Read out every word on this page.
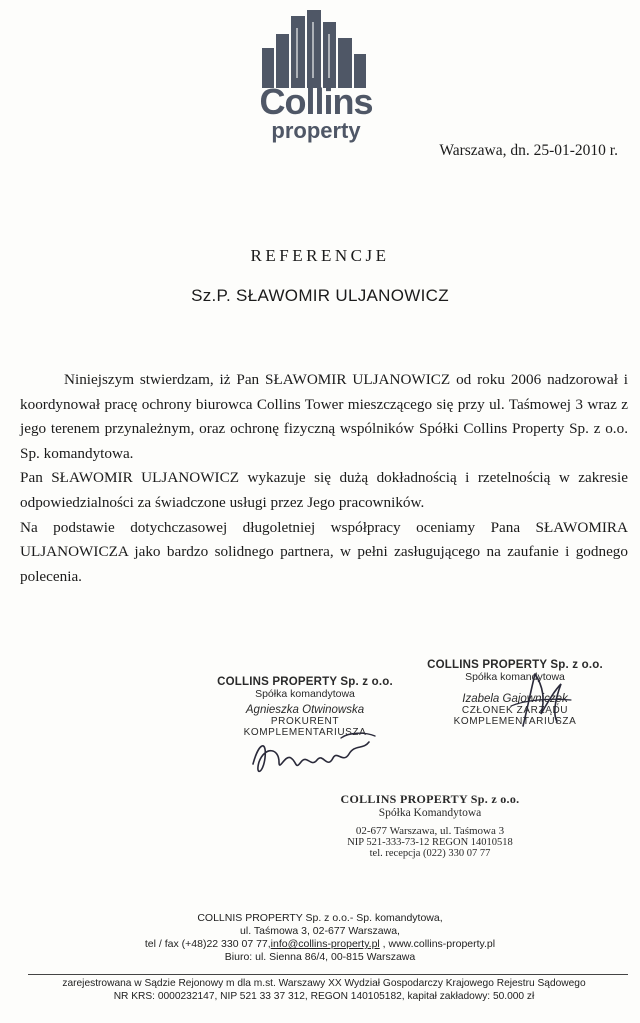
Collins
property
Warszawa, dn. 25-01-2010 r.
REFERENCJE
Sz.P. SŁAWOMIR ULJANOWICZ

Niniejszym stwierdzam, iż Pan SŁAWOMIR ULJANOWICZ od roku 2006 nadzorował i koordynował pracę ochrony biurowca Collins Tower mieszczącego się przy ul. Taśmowej 3 wraz z jego terenem przynależnym, oraz ochronę fizyczną wspólników Spółki Collins Property Sp. z o.o. Sp. komandytowa.

Pan SŁAWOMIR ULJANOWICZ wykazuje się dużą dokładnością i rzetelnością w zakresie odpowiedzialności za świadczone usługi przez Jego pracowników.

Na podstawie dotychczasowej długoletniej współpracy oceniamy Pana SŁAWOMIRA ULJANOWICZA jako bardzo solidnego partnera, w pełni zasługującego na zaufanie i godnego polecenia.

COLLINS PROPERTY Sp. z o.o.
Spółka komandytowa
Agnieszka Otwinowska
PROKURENT
KOMPLEMENTARIUSZA
COLLINS PROPERTY Sp. z o.o.
Spółka komandytowa
Izabela Gajownicze̜k
CZŁONEK ZARZĄDU
KOMPLEMENTARIUSZA
COLLINS PROPERTY Sp. z o.o.
Spółka Komandytowa
02-677 Warszawa, ul. Taśmowa 3
NIP 521-333-73-12 REGON 14010518
tel. recepcja (022) 330 07 77
COLLNIS PROPERTY Sp. z o.o.- Sp. komandytowa,
ul. Taśmowa 3, 02-677 Warszawa,
tel / fax (+48)22 330 07 77,info@collins-property.pl , www.collins-property.pl
Biuro: ul. Sienna 86/4, 00-815 Warszawa
zarejestrowana w Sądzie Rejonowy m dla m.st. Warszawy XX Wydział Gospodarczy Krajowego Rejestru Sądowego
NR KRS: 0000232147, NIP 521 33 37 312, REGON 140105182, kapitał zakładowy: 50.000 zł
